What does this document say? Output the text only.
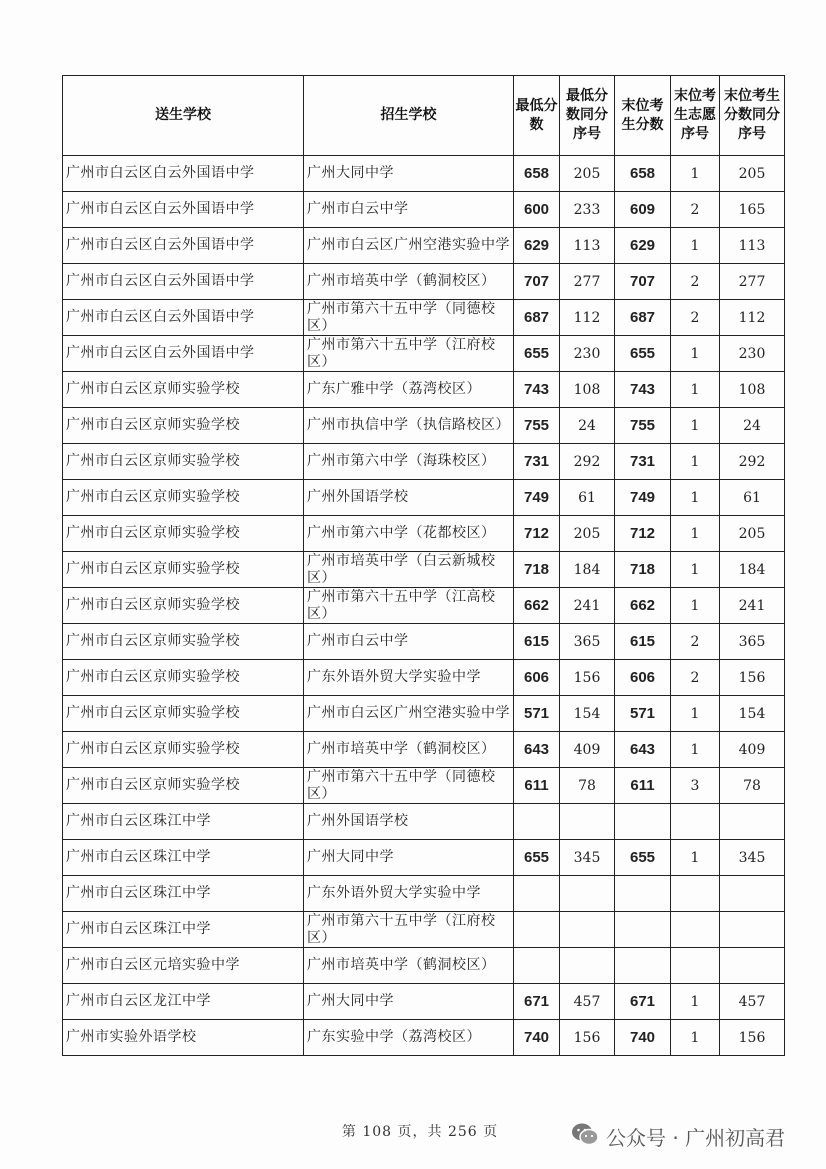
送生学校	招生学校	最低分数	最低分数同分序号	末位考生分数	末位考生志愿序号	末位考生分数同分序号
广州市白云区白云外国语中学	广州大同中学	658	205	658	1	205
广州市白云区白云外国语中学	广州市白云中学	600	233	609	2	165
广州市白云区白云外国语中学	广州市白云区广州空港实验中学	629	113	629	1	113
广州市白云区白云外国语中学	广州市培英中学（鹤洞校区）	707	277	707	2	277
广州市白云区白云外国语中学	广州市第六十五中学（同德校区）	687	112	687	2	112
广州市白云区白云外国语中学	广州市第六十五中学（江府校区）	655	230	655	1	230
广州市白云区京师实验学校	广东广雅中学（荔湾校区）	743	108	743	1	108
广州市白云区京师实验学校	广州市执信中学（执信路校区）	755	24	755	1	24
广州市白云区京师实验学校	广州市第六中学（海珠校区）	731	292	731	1	292
广州市白云区京师实验学校	广州外国语学校	749	61	749	1	61
广州市白云区京师实验学校	广州市第六中学（花都校区）	712	205	712	1	205
广州市白云区京师实验学校	广州市培英中学（白云新城校区）	718	184	718	1	184
广州市白云区京师实验学校	广州市第六十五中学（江高校区）	662	241	662	1	241
广州市白云区京师实验学校	广州市白云中学	615	365	615	2	365
广州市白云区京师实验学校	广东外语外贸大学实验中学	606	156	606	2	156
广州市白云区京师实验学校	广州市白云区广州空港实验中学	571	154	571	1	154
广州市白云区京师实验学校	广州市培英中学（鹤洞校区）	643	409	643	1	409
广州市白云区京师实验学校	广州市第六十五中学（同德校区）	611	78	611	3	78
广州市白云区珠江中学	广州外国语学校					
广州市白云区珠江中学	广州大同中学	655	345	655	1	345
广州市白云区珠江中学	广东外语外贸大学实验中学					
广州市白云区珠江中学	广州市第六十五中学（江府校区）					
广州市白云区元培实验中学	广州市培英中学（鹤洞校区）					
广州市白云区龙江中学	广州大同中学	671	457	671	1	457
广州市实验外语学校	广东实验中学（荔湾校区）	740	156	740	1	156
第 108 页，共 256 页	公众号 · 广州初高君
